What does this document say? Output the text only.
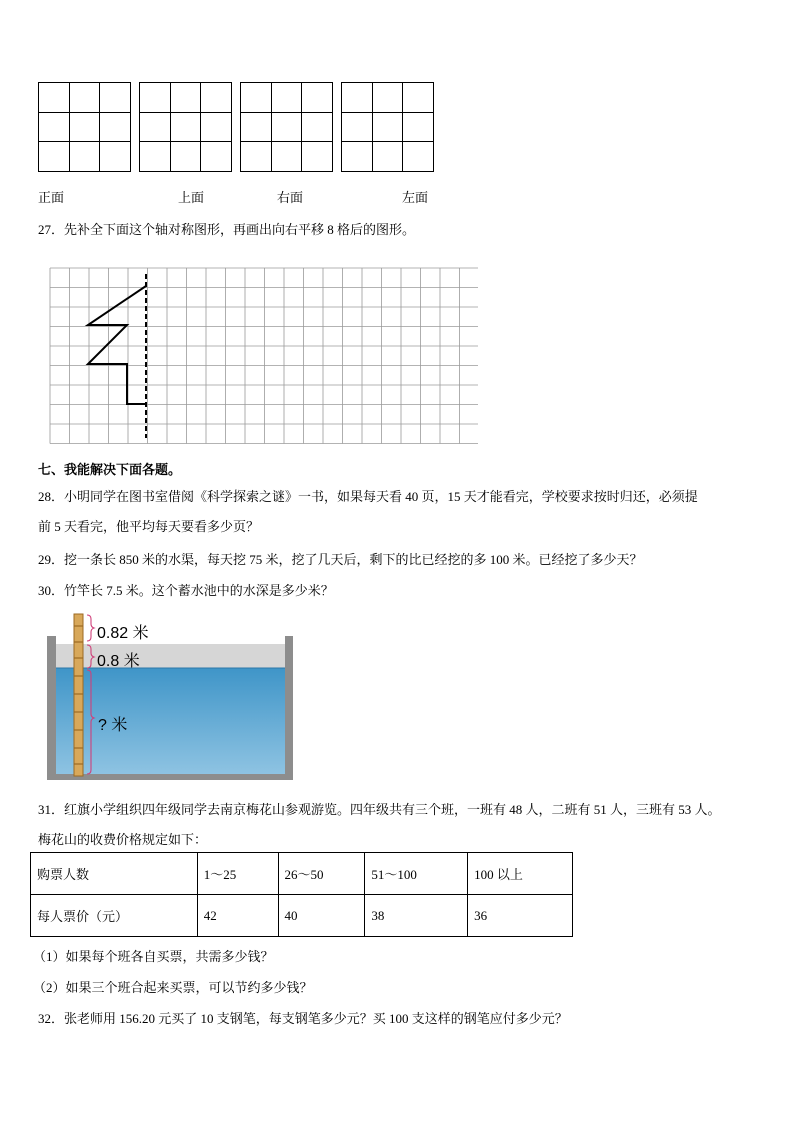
正面	上面	右面	左面
27．先补全下面这个轴对称图形，再画出向右平移 8 格后的图形。
七、我能解决下面各题。
28．小明同学在图书室借阅《科学探索之谜》一书，如果每天看 40 页，15 天才能看完，学校要求按时归还，必须提
前 5 天看完，他平均每天要看多少页？
29．挖一条长 850 米的水渠，每天挖 75 米，挖了几天后，剩下的比已经挖的多 100 米。已经挖了多少天？
30．竹竿长 7.5 米。这个蓄水池中的水深是多少米？
0.82 米
0.8 米
? 米
31．红旗小学组织四年级同学去南京梅花山参观游览。四年级共有三个班，一班有 48 人，二班有 51 人，三班有 53 人。
梅花山的收费价格规定如下：
购票人数	1～25	26～50	51～100	100 以上
每人票价（元）	42	40	38	36
（1）如果每个班各自买票，共需多少钱？
（2）如果三个班合起来买票，可以节约多少钱？
32．张老师用 156.20 元买了 10 支钢笔，每支钢笔多少元？买 100 支这样的钢笔应付多少元？
